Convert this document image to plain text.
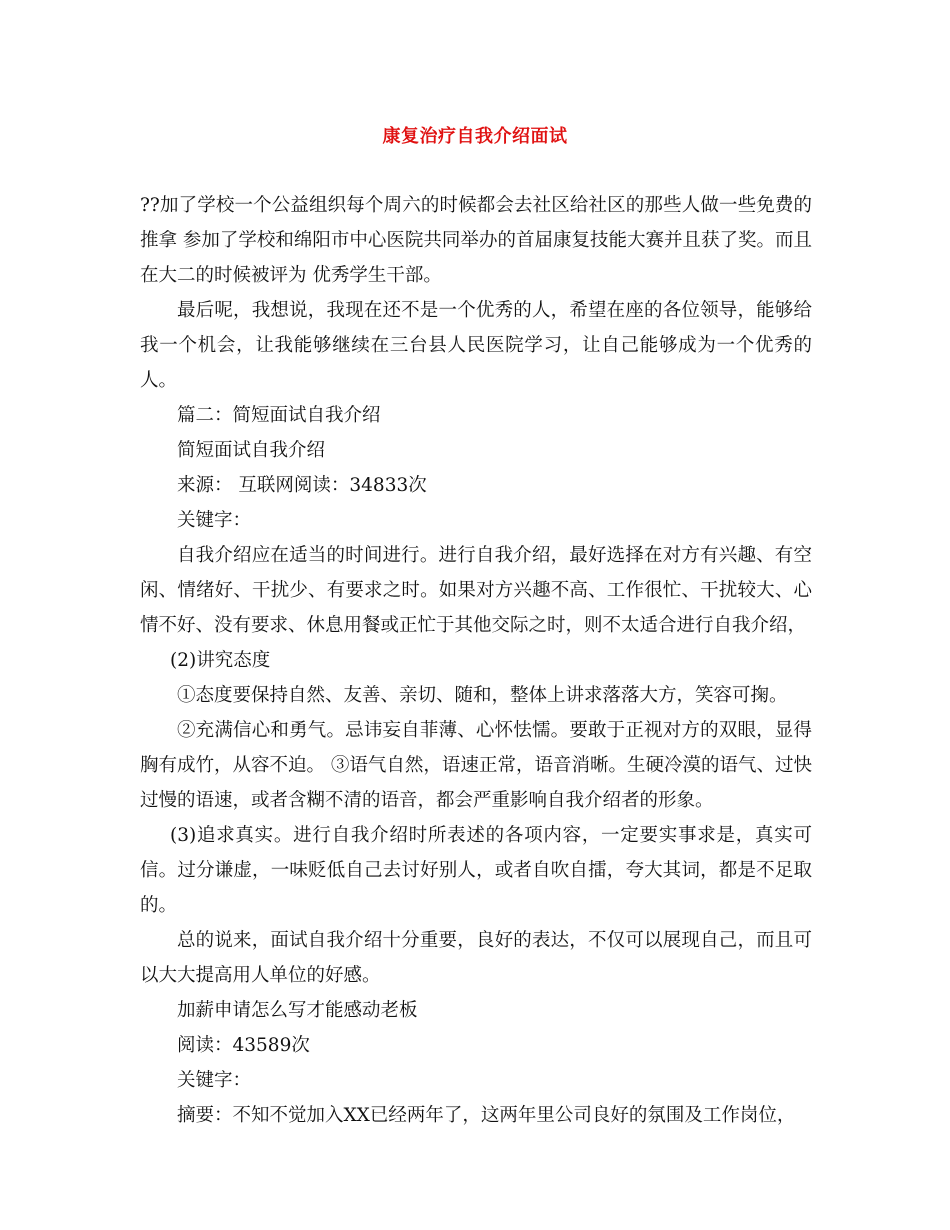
康复治疗自我介绍面试

??加了学校一个公益组织每个周六的时候都会去社区给社区的那些人做一些免费的推拿 参加了学校和绵阳市中心医院共同举办的首届康复技能大赛并且获了奖。而且在大二的时候被评为 优秀学生干部。

最后呢，我想说，我现在还不是一个优秀的人，希望在座的各位领导，能够给我一个机会，让我能够继续在三台县人民医院学习，让自己能够成为一个优秀的人。

篇二：简短面试自我介绍

简短面试自我介绍

来源： 互联网阅读：34833次

关键字：

自我介绍应在适当的时间进行。进行自我介绍，最好选择在对方有兴趣、有空闲、情绪好、干扰少、有要求之时。如果对方兴趣不高、工作很忙、干扰较大、心情不好、没有要求、休息用餐或正忙于其他交际之时，则不太适合进行自我介绍，

(2)讲究态度

①态度要保持自然、友善、亲切、随和，整体上讲求落落大方，笑容可掬。

②充满信心和勇气。忌讳妄自菲薄、心怀怯懦。要敢于正视对方的双眼，显得胸有成竹，从容不迫。 ③语气自然，语速正常，语音消晰。生硬冷漠的语气、过快过慢的语速，或者含糊不清的语音，都会严重影响自我介绍者的形象。

(3)追求真实。进行自我介绍时所表述的各项内容，一定要实事求是，真实可信。过分谦虚，一味贬低自己去讨好别人，或者自吹自擂，夸大其词，都是不足取的。

总的说来，面试自我介绍十分重要，良好的表达，不仅可以展现自己，而且可以大大提高用人单位的好感。

加薪申请怎么写才能感动老板

阅读：43589次

关键字：

摘要：不知不觉加入XX已经两年了，这两年里公司良好的氛围及工作岗位，
